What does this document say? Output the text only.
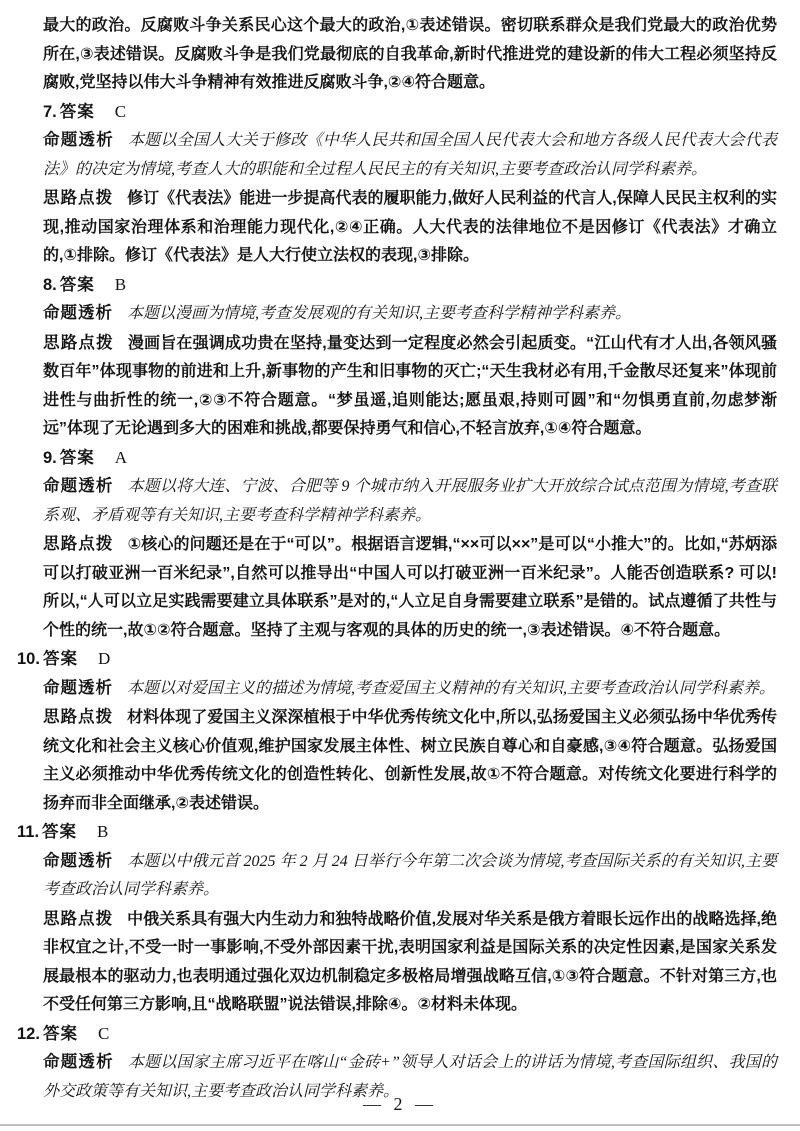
最大的政治。反腐败斗争关系民心这个最大的政治,①表述错误。密切联系群众是我们党最大的政治优势所在,③表述错误。反腐败斗争是我们党最彻底的自我革命,新时代推进党的建设新的伟大工程必须坚持反腐败,党坚持以伟大斗争精神有效推进反腐败斗争,②④符合题意。

7. 答案 C

命题透析 本题以全国人大关于修改《中华人民共和国全国人民代表大会和地方各级人民代表大会代表法》的决定为情境,考查人大的职能和全过程人民民主的有关知识,主要考查政治认同学科素养。

思路点拨 修订《代表法》能进一步提高代表的履职能力,做好人民利益的代言人,保障人民民主权利的实现,推动国家治理体系和治理能力现代化,②④正确。人大代表的法律地位不是因修订《代表法》才确立的,①排除。修订《代表法》是人大行使立法权的表现,③排除。

8. 答案 B

命题透析 本题以漫画为情境,考查发展观的有关知识,主要考查科学精神学科素养。

思路点拨 漫画旨在强调成功贵在坚持,量变达到一定程度必然会引起质变。“江山代有才人出,各领风骚数百年”体现事物的前进和上升,新事物的产生和旧事物的灭亡;“天生我材必有用,千金散尽还复来”体现前进性与曲折性的统一,②③不符合题意。“梦虽遥,追则能达;愿虽艰,持则可圆”和“勿惧勇直前,勿虑梦渐远”体现了无论遇到多大的困难和挑战,都要保持勇气和信心,不轻言放弃,①④符合题意。

9. 答案 A

命题透析 本题以将大连、宁波、合肥等 9 个城市纳入开展服务业扩大开放综合试点范围为情境,考查联系观、矛盾观等有关知识,主要考查科学精神学科素养。

思路点拨 ①核心的问题还是在于“可以”。根据语言逻辑,“××可以××”是可以“小推大”的。比如,“苏炳添可以打破亚洲一百米纪录”,自然可以推导出“中国人可以打破亚洲一百米纪录”。人能否创造联系? 可以! 所以,“人可以立足实践需要建立具体联系”是对的,“人立足自身需要建立联系”是错的。试点遵循了共性与个性的统一,故①②符合题意。坚持了主观与客观的具体的历史的统一,③表述错误。④不符合题意。

10. 答案 D

命题透析 本题以对爱国主义的描述为情境,考查爱国主义精神的有关知识,主要考查政治认同学科素养。

思路点拨 材料体现了爱国主义深深植根于中华优秀传统文化中,所以,弘扬爱国主义必须弘扬中华优秀传统文化和社会主义核心价值观,维护国家发展主体性、树立民族自尊心和自豪感,③④符合题意。弘扬爱国主义必须推动中华优秀传统文化的创造性转化、创新性发展,故①不符合题意。对传统文化要进行科学的扬弃而非全面继承,②表述错误。

11. 答案 B

命题透析 本题以中俄元首 2025 年 2 月 24 日举行今年第二次会谈为情境,考查国际关系的有关知识,主要考查政治认同学科素养。

思路点拨 中俄关系具有强大内生动力和独特战略价值,发展对华关系是俄方着眼长远作出的战略选择,绝非权宜之计,不受一时一事影响,不受外部因素干扰,表明国家利益是国际关系的决定性因素,是国家关系发展最根本的驱动力,也表明通过强化双边机制稳定多极格局增强战略互信,①③符合题意。不针对第三方,也不受任何第三方影响,且“战略联盟”说法错误,排除④。②材料未体现。

12. 答案 C

命题透析 本题以国家主席习近平在喀山“金砖+”领导人对话会上的讲话为情境,考查国际组织、我国的外交政策等有关知识,主要考查政治认同学科素养。

— 2 —
